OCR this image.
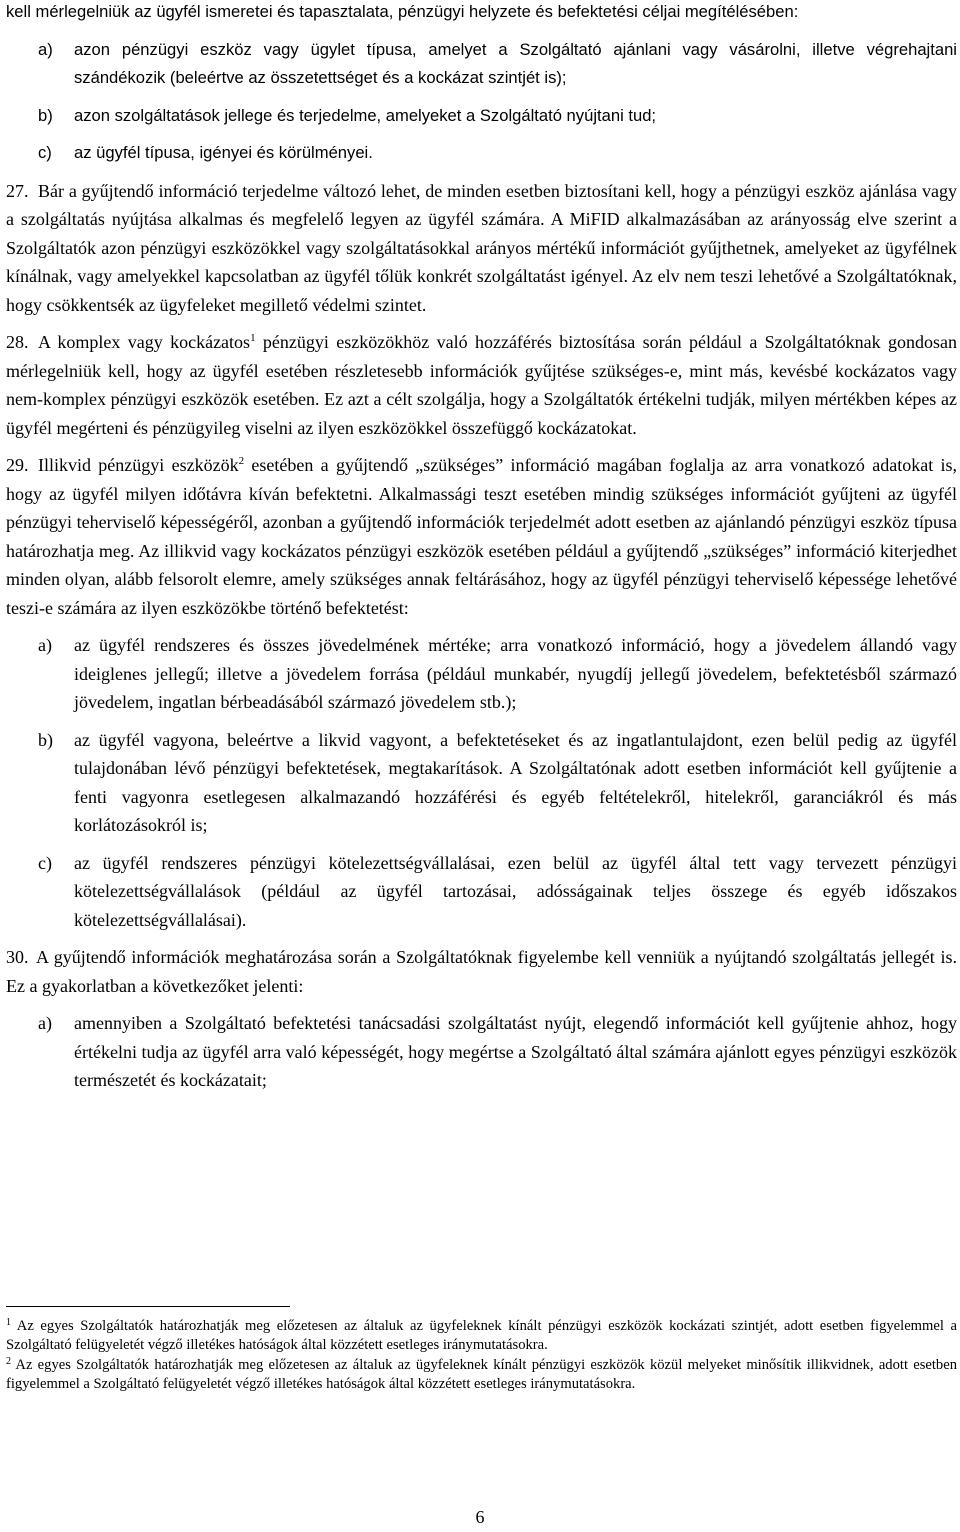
kell mérlegelniük az ügyfél ismeretei és tapasztalata, pénzügyi helyzete és befektetési céljai megítélésében:

a)	azon pénzügyi eszköz vagy ügylet típusa, amelyet a Szolgáltató ajánlani vagy vásárolni, illetve végrehajtani szándékozik (beleértve az összetettséget és a kockázat szintjét is);
b)	azon szolgáltatások jellege és terjedelme, amelyeket a Szolgáltató nyújtani tud;
c)	az ügyfél típusa, igényei és körülményei.

27. Bár a gyűjtendő információ terjedelme változó lehet, de minden esetben biztosítani kell, hogy a pénzügyi eszköz ajánlása vagy a szolgáltatás nyújtása alkalmas és megfelelő legyen az ügyfél számára. A MiFID alkalmazásában az arányosság elve szerint a Szolgáltatók azon pénzügyi eszközökkel vagy szolgáltatásokkal arányos mértékű információt gyűjthetnek, amelyeket az ügyfélnek kínálnak, vagy amelyekkel kapcsolatban az ügyfél tőlük konkrét szolgáltatást igényel. Az elv nem teszi lehetővé a Szolgáltatóknak, hogy csökkentsék az ügyfeleket megillető védelmi szintet.

28. A komplex vagy kockázatos$^1$ pénzügyi eszközökhöz való hozzáférés biztosítása során például a Szolgáltatóknak gondosan mérlegelniük kell, hogy az ügyfél esetében részletesebb információk gyűjtése szükséges-e, mint más, kevésbé kockázatos vagy nem-komplex pénzügyi eszközök esetében. Ez azt a célt szolgálja, hogy a Szolgáltatók értékelni tudják, milyen mértékben képes az ügyfél megérteni és pénzügyileg viselni az ilyen eszközökkel összefüggő kockázatokat.

29. Illikvid pénzügyi eszközök$^2$ esetében a gyűjtendő „szükséges” információ magában foglalja az arra vonatkozó adatokat is, hogy az ügyfél milyen időtávra kíván befektetni. Alkalmassági teszt esetében mindig szükséges információt gyűjteni az ügyfél pénzügyi teherviselő képességéről, azonban a gyűjtendő információk terjedelmét adott esetben az ajánlandó pénzügyi eszköz típusa határozhatja meg. Az illikvid vagy kockázatos pénzügyi eszközök esetében például a gyűjtendő „szükséges” információ kiterjedhet minden olyan, alább felsorolt elemre, amely szükséges annak feltárásához, hogy az ügyfél pénzügyi teherviselő képessége lehetővé teszi-e számára az ilyen eszközökbe történő befektetést:

a)	az ügyfél rendszeres és összes jövedelmének mértéke; arra vonatkozó információ, hogy a jövedelem állandó vagy ideiglenes jellegű; illetve a jövedelem forrása (például munkabér, nyugdíj jellegű jövedelem, befektetésből származó jövedelem, ingatlan bérbeadásából származó jövedelem stb.);
b)	az ügyfél vagyona, beleértve a likvid vagyont, a befektetéseket és az ingatlantulajdont, ezen belül pedig az ügyfél tulajdonában lévő pénzügyi befektetések, megtakarítások. A Szolgáltatónak adott esetben információt kell gyűjtenie a fenti vagyonra esetlegesen alkalmazandó hozzáférési és egyéb feltételekről, hitelekről, garanciákról és más korlátozásokról is;
c)	az ügyfél rendszeres pénzügyi kötelezettségvállalásai, ezen belül az ügyfél által tett vagy tervezett pénzügyi kötelezettségvállalások (például az ügyfél tartozásai, adósságainak teljes összege és egyéb időszakos kötelezettségvállalásai).

30. A gyűjtendő információk meghatározása során a Szolgáltatóknak figyelembe kell venniük a nyújtandó szolgáltatás jellegét is. Ez a gyakorlatban a következőket jelenti:

a)	amennyiben a Szolgáltató befektetési tanácsadási szolgáltatást nyújt, elegendő információt kell gyűjtenie ahhoz, hogy értékelni tudja az ügyfél arra való képességét, hogy megértse a Szolgáltató által számára ajánlott egyes pénzügyi eszközök természetét és kockázatait;

$^1$ Az egyes Szolgáltatók határozhatják meg előzetesen az általuk az ügyfeleknek kínált pénzügyi eszközök kockázati szintjét, adott esetben figyelemmel a Szolgáltató felügyeletét végző illetékes hatóságok által közzétett esetleges iránymutatásokra.

$^2$ Az egyes Szolgáltatók határozhatják meg előzetesen az általuk az ügyfeleknek kínált pénzügyi eszközök közül melyeket minősítik illikvidnek, adott esetben figyelemmel a Szolgáltató felügyeletét végző illetékes hatóságok által közzétett esetleges iránymutatásokra.

6
